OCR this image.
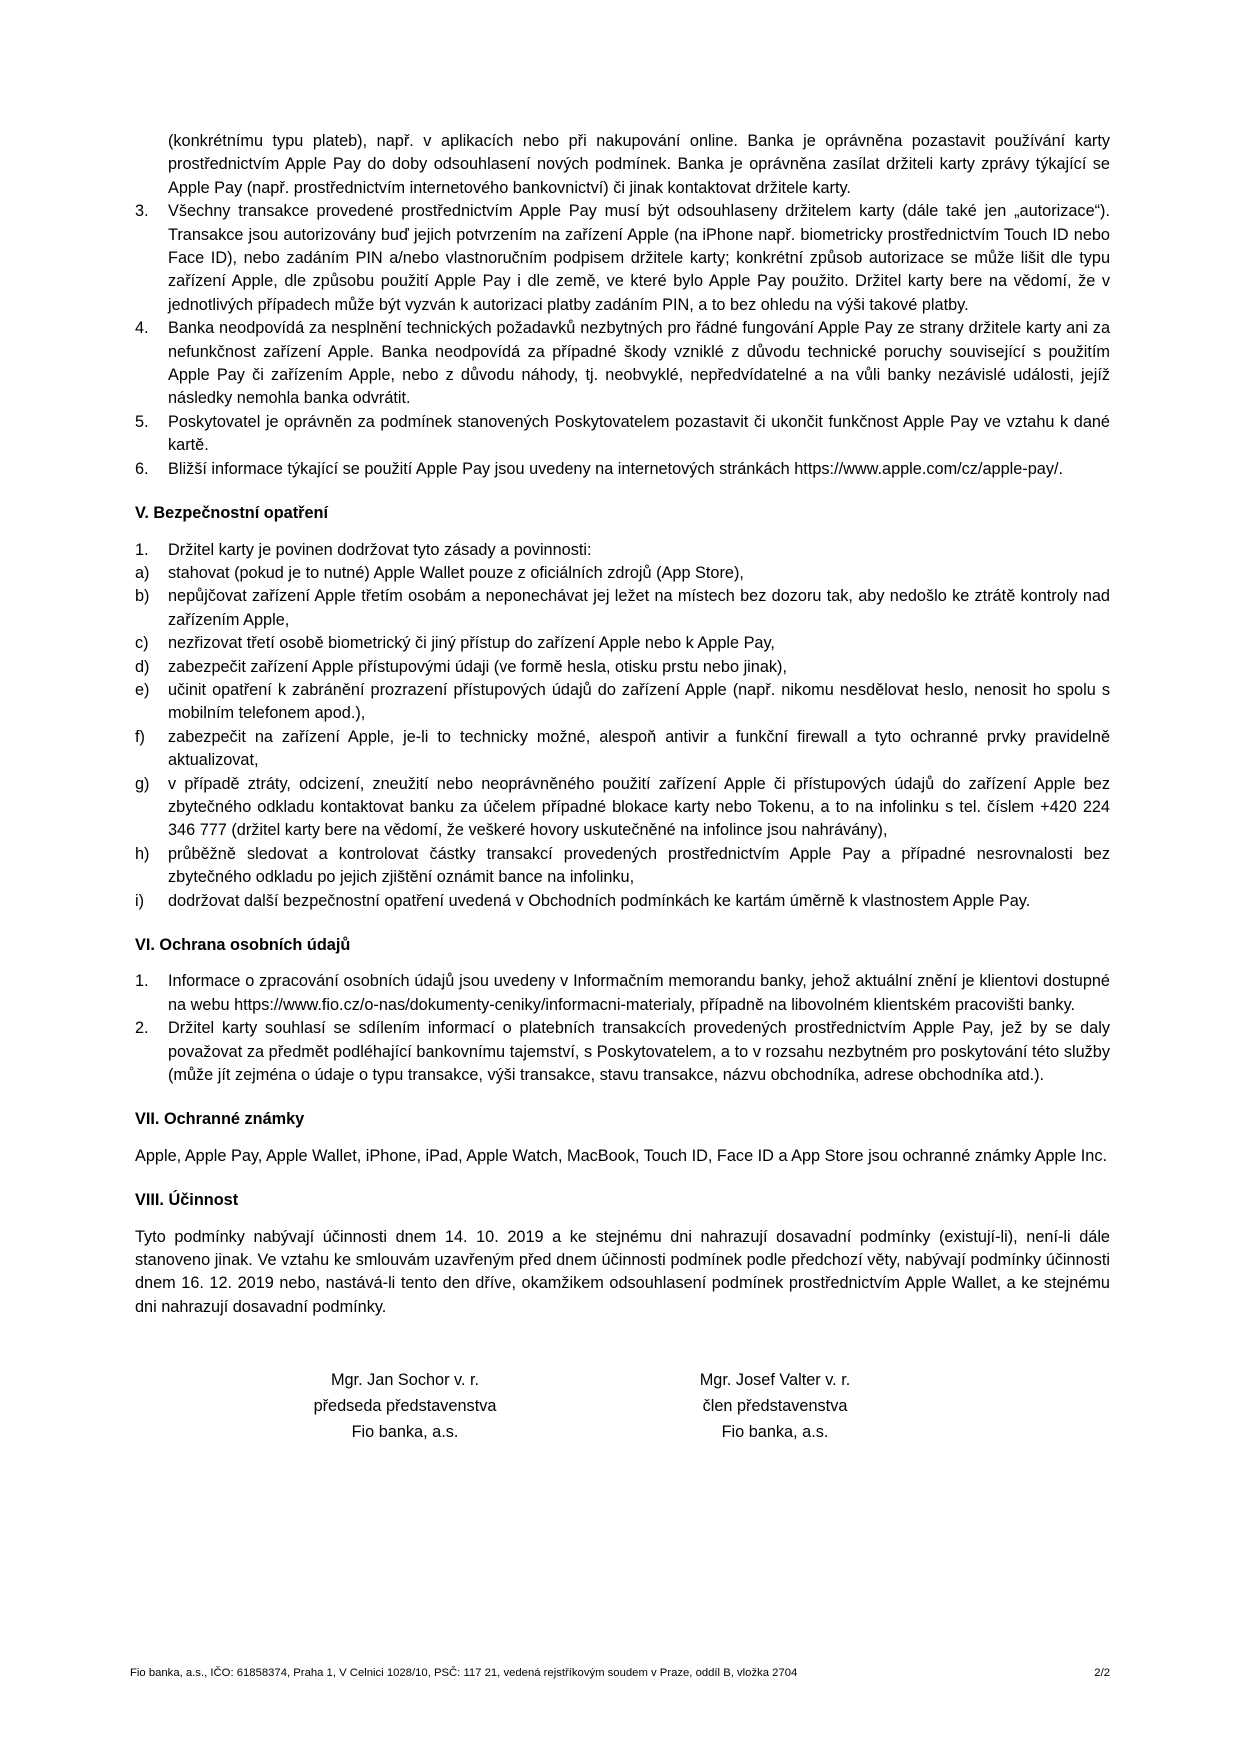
(konkrétnímu typu plateb), např. v aplikacích nebo při nakupování online. Banka je oprávněna pozastavit používání karty prostřednictvím Apple Pay do doby odsouhlasení nových podmínek. Banka je oprávněna zasílat držiteli karty zprávy týkající se Apple Pay (např. prostřednictvím internetového bankovnictví) či jinak kontaktovat držitele karty.
3.	Všechny transakce provedené prostřednictvím Apple Pay musí být odsouhlaseny držitelem karty (dále také jen „autorizace“). Transakce jsou autorizovány buď jejich potvrzením na zařízení Apple (na iPhone např. biometricky prostřednictvím Touch ID nebo Face ID), nebo zadáním PIN a/nebo vlastnoručním podpisem držitele karty; konkrétní způsob autorizace se může lišit dle typu zařízení Apple, dle způsobu použití Apple Pay i dle země, ve které bylo Apple Pay použito. Držitel karty bere na vědomí, že v jednotlivých případech může být vyzván k autorizaci platby zadáním PIN, a to bez ohledu na výši takové platby.
4.	Banka neodpovídá za nesplnění technických požadavků nezbytných pro řádné fungování Apple Pay ze strany držitele karty ani za nefunkčnost zařízení Apple. Banka neodpovídá za případné škody vzniklé z důvodu technické poruchy související s použitím Apple Pay či zařízením Apple, nebo z důvodu náhody, tj. neobvyklé, nepředvídatelné a na vůli banky nezávislé události, jejíž následky nemohla banka odvrátit.
5.	Poskytovatel je oprávněn za podmínek stanovených Poskytovatelem pozastavit či ukončit funkčnost Apple Pay ve vztahu k dané kartě.
6.	Bližší informace týkající se použití Apple Pay jsou uvedeny na internetových stránkách https://www.apple.com/cz/apple-pay/.
V. Bezpečnostní opatření
1.	Držitel karty je povinen dodržovat tyto zásady a povinnosti:
a)	stahovat (pokud je to nutné) Apple Wallet pouze z oficiálních zdrojů (App Store),
b)	nepůjčovat zařízení Apple třetím osobám a neponechávat jej ležet na místech bez dozoru tak, aby nedošlo ke ztrátě kontroly nad zařízením Apple,
c)	nezřizovat třetí osobě biometrický či jiný přístup do zařízení Apple nebo k Apple Pay,
d)	zabezpečit zařízení Apple přístupovými údaji (ve formě hesla, otisku prstu nebo jinak),
e)	učinit opatření k zabránění prozrazení přístupových údajů do zařízení Apple (např. nikomu nesdělovat heslo, nenosit ho spolu s mobilním telefonem apod.),
f)	zabezpečit na zařízení Apple, je-li to technicky možné, alespoň antivir a funkční firewall a tyto ochranné prvky pravidelně aktualizovat,
g)	v případě ztráty, odcizení, zneužití nebo neoprávněného použití zařízení Apple či přístupových údajů do zařízení Apple bez zbytečného odkladu kontaktovat banku za účelem případné blokace karty nebo Tokenu, a to na infolinku s tel. číslem +420 224 346 777 (držitel karty bere na vědomí, že veškeré hovory uskutečněné na infolince jsou nahrávány),
h)	průběžně sledovat a kontrolovat částky transakcí provedených prostřednictvím Apple Pay a případné nesrovnalosti bez zbytečného odkladu po jejich zjištění oznámit bance na infolinku,
i)	dodržovat další bezpečnostní opatření uvedená v Obchodních podmínkách ke kartám úměrně k vlastnostem Apple Pay.
VI. Ochrana osobních údajů
1.	Informace o zpracování osobních údajů jsou uvedeny v Informačním memorandu banky, jehož aktuální znění je klientovi dostupné na webu https://www.fio.cz/o-nas/dokumenty-ceniky/informacni-materialy, případně na libovolném klientském pracovišti banky.
2.	Držitel karty souhlasí se sdílením informací o platebních transakcích provedených prostřednictvím Apple Pay, jež by se daly považovat za předmět podléhající bankovnímu tajemství, s Poskytovatelem, a to v rozsahu nezbytném pro poskytování této služby (může jít zejména o údaje o typu transakce, výši transakce, stavu transakce, názvu obchodníka, adrese obchodníka atd.).
VII. Ochranné známky

Apple, Apple Pay, Apple Wallet, iPhone, iPad, Apple Watch, MacBook, Touch ID, Face ID a App Store jsou ochranné známky Apple Inc.

VIII. Účinnost

Tyto podmínky nabývají účinnosti dnem 14. 10. 2019 a ke stejnému dni nahrazují dosavadní podmínky (existují-li), není-li dále stanoveno jinak. Ve vztahu ke smlouvám uzavřeným před dnem účinnosti podmínek podle předchozí věty, nabývají podmínky účinnosti dnem 16. 12. 2019 nebo, nastává-li tento den dříve, okamžikem odsouhlasení podmínek prostřednictvím Apple Wallet, a ke stejnému dni nahrazují dosavadní podmínky.

Mgr. Jan Sochor v. r.
předseda představenstva
Fio banka, a.s.
Mgr. Josef Valter v. r.
člen představenstva
Fio banka, a.s.
Fio banka, a.s., IČO: 61858374, Praha 1, V Celnici 1028/10, PSČ: 117 21, vedená rejstříkovým soudem v Praze, oddíl B, vložka 2704	2/2
